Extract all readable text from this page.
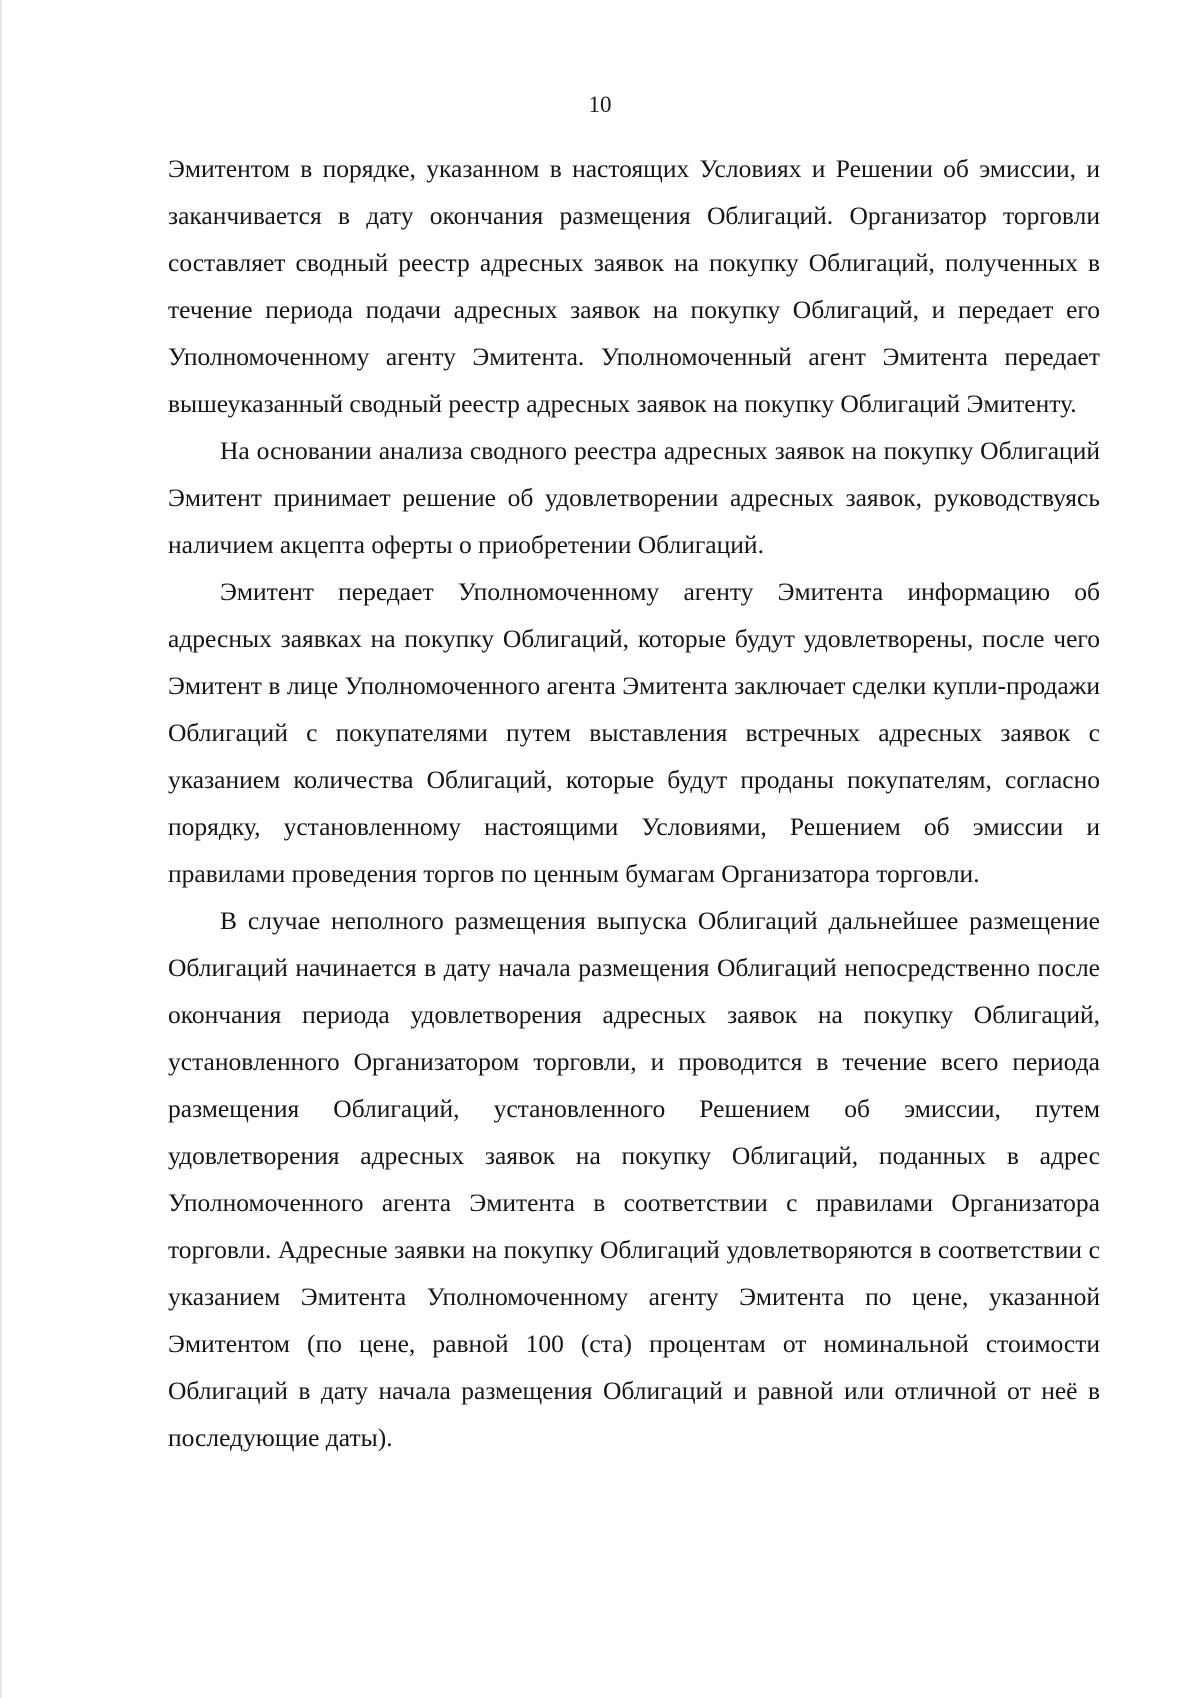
10

Эмитентом в порядке, указанном в настоящих Условиях и Решении об эмиссии, и заканчивается в дату окончания размещения Облигаций. Организатор торговли составляет сводный реестр адресных заявок на покупку Облигаций, полученных в течение периода подачи адресных заявок на покупку Облигаций, и передает его Уполномоченному агенту Эмитента. Уполномоченный агент Эмитента передает вышеуказанный сводный реестр адресных заявок на покупку Облигаций Эмитенту.

На основании анализа сводного реестра адресных заявок на покупку Облигаций Эмитент принимает решение об удовлетворении адресных заявок, руководствуясь наличием акцепта оферты о приобретении Облигаций.

Эмитент передает Уполномоченному агенту Эмитента информацию об адресных заявках на покупку Облигаций, которые будут удовлетворены, после чего Эмитент в лице Уполномоченного агента Эмитента заключает сделки купли-продажи Облигаций с покупателями путем выставления встречных адресных заявок с указанием количества Облигаций, которые будут проданы покупателям, согласно порядку, установленному настоящими Условиями, Решением об эмиссии и правилами проведения торгов по ценным бумагам Организатора торговли.

В случае неполного размещения выпуска Облигаций дальнейшее размещение Облигаций начинается в дату начала размещения Облигаций непосредственно после окончания периода удовлетворения адресных заявок на покупку Облигаций, установленного Организатором торговли, и проводится в течение всего периода размещения Облигаций, установленного Решением об эмиссии, путем удовлетворения адресных заявок на покупку Облигаций, поданных в адрес Уполномоченного агента Эмитента в соответствии с правилами Организатора торговли. Адресные заявки на покупку Облигаций удовлетворяются в соответствии с указанием Эмитента Уполномоченному агенту Эмитента по цене, указанной Эмитентом (по цене, равной 100 (ста) процентам от номинальной стоимости Облигаций в дату начала размещения Облигаций и равной или отличной от неё в последующие даты).
